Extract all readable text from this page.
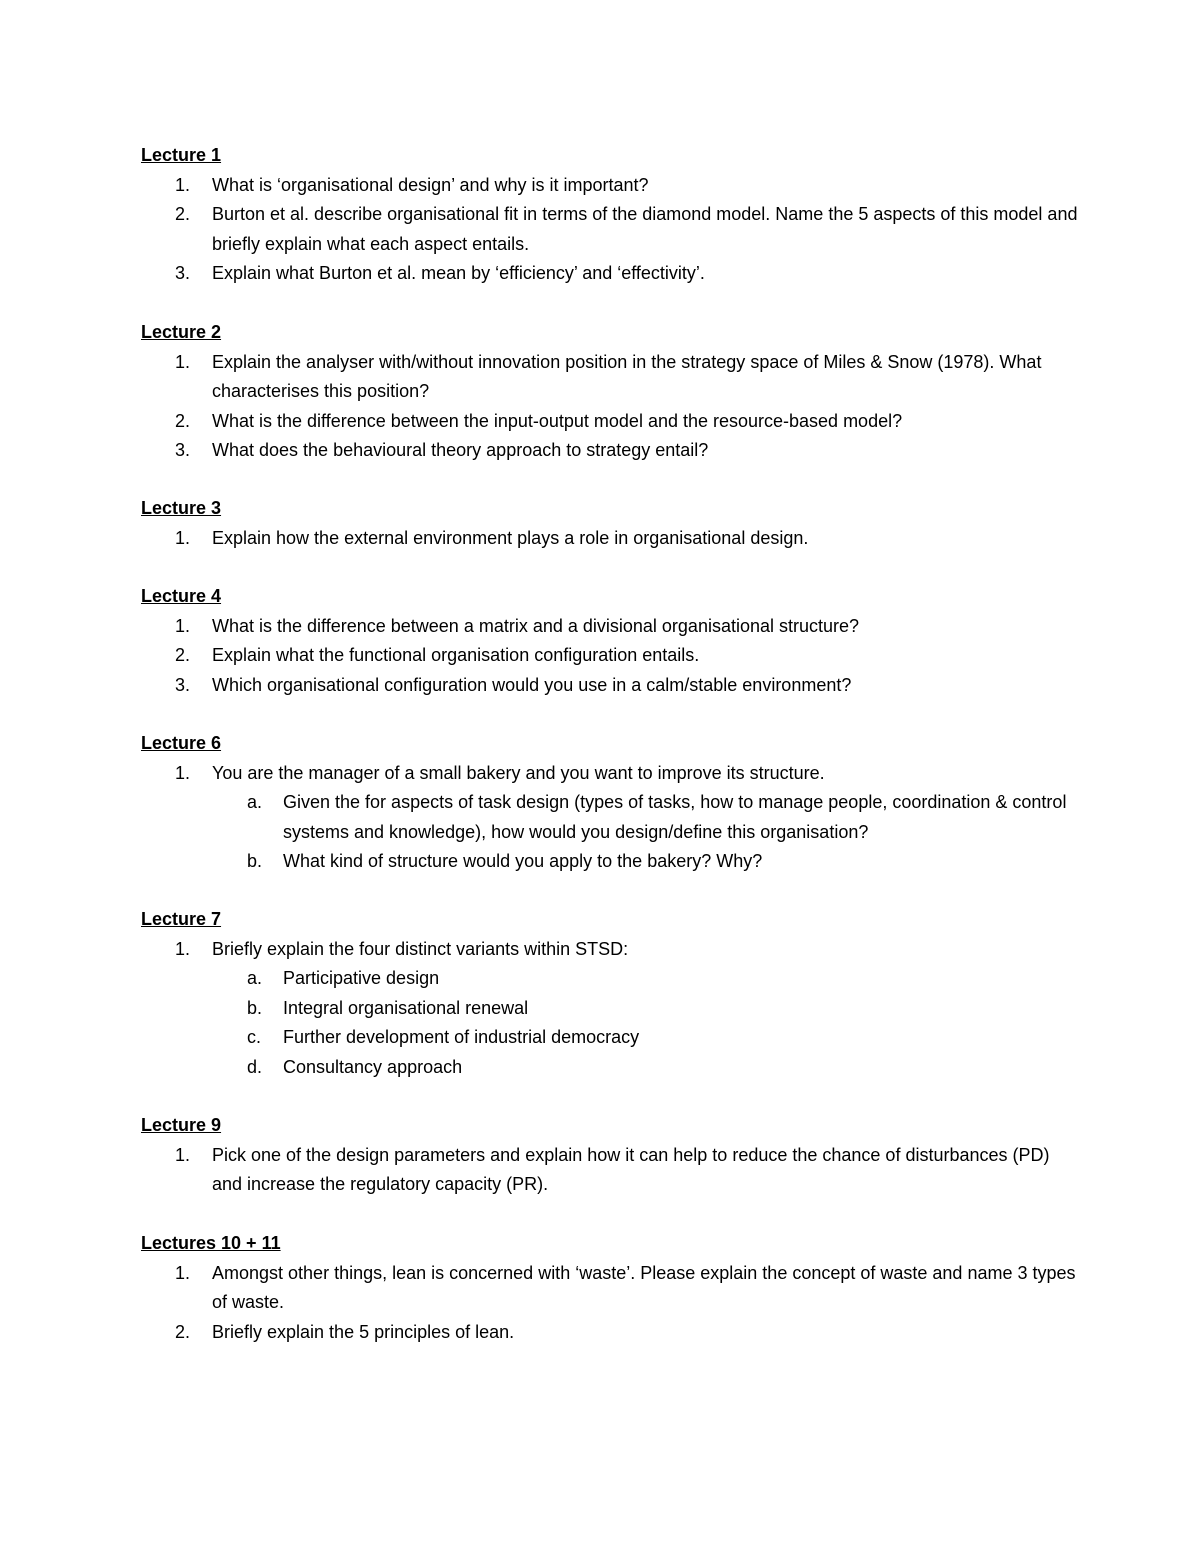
Lecture 1
1.	What is ‘organisational design’ and why is it important?
2.	Burton et al. describe organisational fit in terms of the diamond model. Name the 5 aspects of this model and briefly explain what each aspect entails.
3.	Explain what Burton et al. mean by ‘efficiency’ and ‘effectivity’.
Lecture 2
1.	Explain the analyser with/without innovation position in the strategy space of Miles & Snow (1978). What characterises this position?
2.	What is the difference between the input-output model and the resource-based model?
3.	What does the behavioural theory approach to strategy entail?
Lecture 3
1.	Explain how the external environment plays a role in organisational design.
Lecture 4
1.	What is the difference between a matrix and a divisional organisational structure?
2.	Explain what the functional organisation configuration entails.
3.	Which organisational configuration would you use in a calm/stable environment?
Lecture 6
1.	You are the manager of a small bakery and you want to improve its structure.
a.	Given the for aspects of task design (types of tasks, how to manage people, coordination & control systems and knowledge), how would you design/define this organisation?
b.	What kind of structure would you apply to the bakery? Why?
Lecture 7
1.	Briefly explain the four distinct variants within STSD:
a.	Participative design
b.	Integral organisational renewal
c.	Further development of industrial democracy
d.	Consultancy approach
Lecture 9
1.	Pick one of the design parameters and explain how it can help to reduce the chance of disturbances (PD) and increase the regulatory capacity (PR).
Lectures 10 + 11
1.	Amongst other things, lean is concerned with ‘waste’. Please explain the concept of waste and name 3 types of waste.
2.	Briefly explain the 5 principles of lean.
